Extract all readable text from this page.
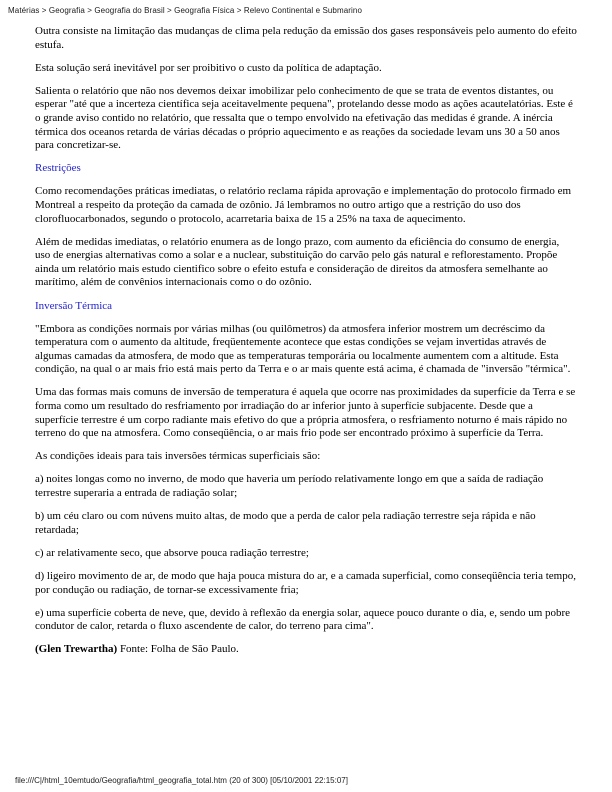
Matérias > Geografia > Geografia do Brasil > Geografia Física > Relevo Continental e Submarino

Outra consiste na limitação das mudanças de clima pela redução da emissão dos gases responsáveis pelo aumento do efeito estufa.

Esta solução será inevitável por ser proibitivo o custo da política de adaptação.

Salienta o relatório que não nos devemos deixar imobilizar pelo conhecimento de que se trata de eventos distantes, ou esperar "até que a incerteza científica seja aceitavelmente pequena", protelando desse modo as ações acautelatórias. Este é o grande aviso contido no relatório, que ressalta que o tempo envolvido na efetivação das medidas é grande. A inércia térmica dos oceanos retarda de várias décadas o próprio aquecimento e as reações da sociedade levam uns 30 a 50 anos para concretizar-se.

Restrições

Como recomendações práticas imediatas, o relatório reclama rápida aprovação e implementação do protocolo firmado em Montreal a respeito da proteção da camada de ozônio. Já lembramos no outro artigo que a restrição do uso dos clorofluocarbonados, segundo o protocolo, acarretaria baixa de 15 a 25% na taxa de aquecimento.

Além de medidas imediatas, o relatório enumera as de longo prazo, com aumento da eficiência do consumo de energia, uso de energias alternativas como a solar e a nuclear, substituição do carvão pelo gás natural e reflorestamento. Propõe ainda um relatório mais estudo cientifico sobre o efeito estufa e consideração de direitos da atmosfera semelhante ao marítimo, além de convênios internacionais como o do ozônio.

Inversão Térmica

"Embora as condições normais por várias milhas (ou quilômetros) da atmosfera inferior mostrem um decréscimo da temperatura com o aumento da altitude, freqüentemente acontece que estas condições se vejam invertidas através de algumas camadas da atmosfera, de modo que as temperaturas temporária ou localmente aumentem com a altitude. Esta condição, na qual o ar mais frio está mais perto da Terra e o ar mais quente está acima, é chamada de "inversão "térmica".

Uma das formas mais comuns de inversão de temperatura é aquela que ocorre nas proximidades da superfície da Terra e se forma como um resultado do resfriamento por irradiação do ar inferior junto à superfície subjacente. Desde que a superfície terrestre é um corpo radiante mais efetivo do que a própria atmosfera, o resfriamento noturno é mais rápido no terreno do que na atmosfera. Como conseqüência, o ar mais frio pode ser encontrado próximo à superfície da Terra.

As condições ideais para tais inversões térmicas superficiais são:

a) noites longas como no inverno, de modo que haveria um período relativamente longo em que a saída de radiação terrestre superaria a entrada de radiação solar;

b) um céu claro ou com núvens muito altas, de modo que a perda de calor pela radiação terrestre seja rápida e não retardada;

c) ar relativamente seco, que absorve pouca radiação terrestre;

d) ligeiro movimento de ar, de modo que haja pouca mistura do ar, e a camada superficial, como conseqüência teria tempo, por condução ou radiação, de tornar-se excessivamente fria;

e) uma superfície coberta de neve, que, devido à reflexão da energia solar, aquece pouco durante o dia, e, sendo um pobre condutor de calor, retarda o fluxo ascendente de calor, do terreno para cima".

(Glen Trewartha) Fonte: Folha de São Paulo.

file:///C|/html_10emtudo/Geografia/html_geografia_total.htm (20 of 300) [05/10/2001 22:15:07]
